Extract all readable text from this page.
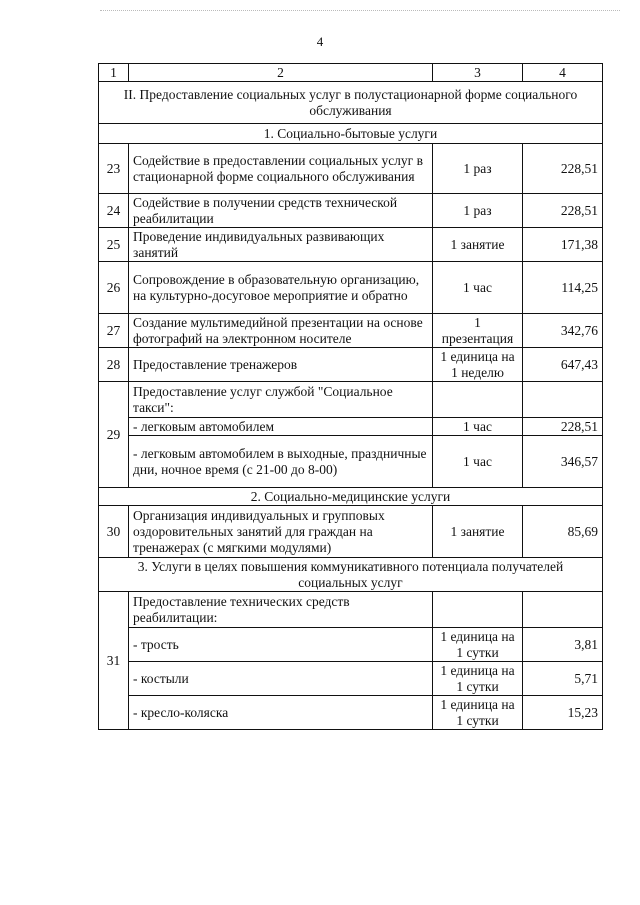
4
1	2	3	4
II. Предоставление социальных услуг в полустационарной форме социального обслуживания			
1. Социально-бытовые услуги			
23	Содействие в предоставлении социальных услуг в стационарной форме социального обслуживания	1 раз	228,51
24	Содействие в получении средств технической реабилитации	1 раз	228,51
25	Проведение индивидуальных развивающих занятий	1 занятие	171,38
26	Сопровождение в образовательную организацию, на культурно-досуговое мероприятие и обратно	1 час	114,25
27	Создание мультимедийной презентации на основе фотографий на электронном носителе	1 презентация	342,76
28	Предоставление тренажеров	1 единица на 1 неделю	647,43
29	Предоставление услуг службой "Социальное такси":		
	- легковым автомобилем	1 час	228,51
	- легковым автомобилем в выходные, праздничные дни, ночное время (с 21-00 до 8-00)	1 час	346,57
2. Социально-медицинские услуги			
30	Организация индивидуальных и групповых оздоровительных занятий для граждан на тренажерах (с мягкими модулями)	1 занятие	85,69
3. Услуги в целях повышения коммуникативного потенциала получателей социальных услуг			
31	Предоставление технических средств реабилитации:		
	- трость	1 единица на 1 сутки	3,81
	- костыли	1 единица на 1 сутки	5,71
	- кресло-коляска	1 единица на 1 сутки	15,23
